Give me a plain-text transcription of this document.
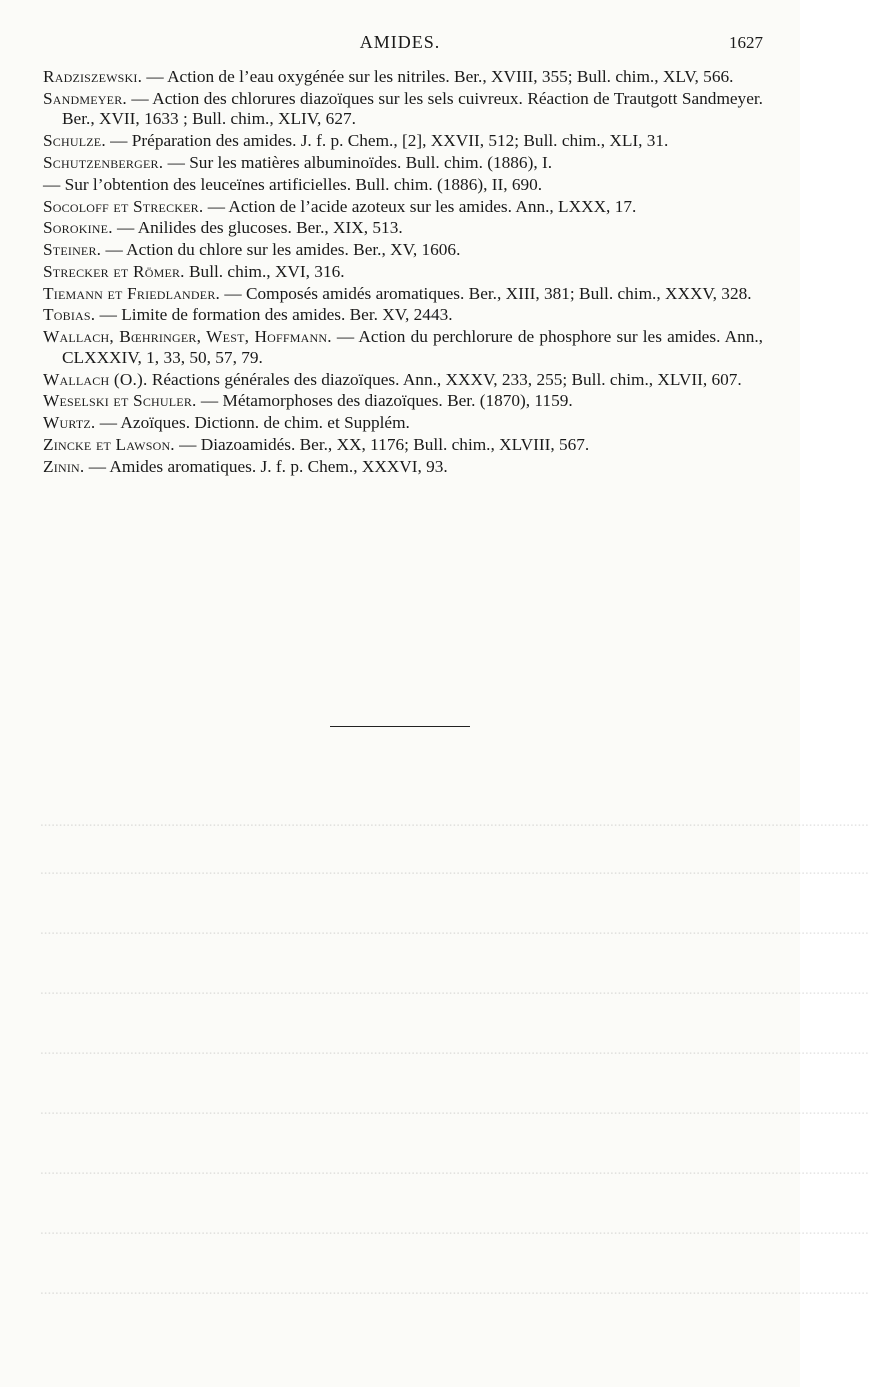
.............................................................................................................................................................................................................................
.............................................................................................................................................................................................................................
.............................................................................................................................................................................................................................
.............................................................................................................................................................................................................................
.............................................................................................................................................................................................................................
.............................................................................................................................................................................................................................
.............................................................................................................................................................................................................................
.............................................................................................................................................................................................................................
.............................................................................................................................................................................................................................
AMIDES.	1627
Radziszewski. — Action de l’eau oxygénée sur les nitriles. Ber., XVIII, 355; Bull. chim., XLV, 566.
Sandmeyer. — Action des chlorures diazoïques sur les sels cuivreux. Réaction de Trautgott Sandmeyer. Ber., XVII, 1633 ; Bull. chim., XLIV, 627.
Schulze. — Préparation des amides. J. f. p. Chem., [2], XXVII, 512; Bull. chim., XLI, 31.
Schutzenberger. — Sur les matières albuminoïdes. Bull. chim. (1886), I.
— Sur l’obtention des leuceïnes artificielles. Bull. chim. (1886), II, 690.
Socoloff et Strecker. — Action de l’acide azoteux sur les amides. Ann., LXXX, 17.
Sorokine. — Anilides des glucoses. Ber., XIX, 513.
Steiner. — Action du chlore sur les amides. Ber., XV, 1606.
Strecker et Römer. Bull. chim., XVI, 316.
Tiemann et Friedlander. — Composés amidés aromatiques. Ber., XIII, 381; Bull. chim., XXXV, 328.
Tobias. — Limite de formation des amides. Ber. XV, 2443.
Wallach, Bœhringer, West, Hoffmann. — Action du perchlorure de phosphore sur les amides. Ann., CLXXXIV, 1, 33, 50, 57, 79.
Wallach (O.). Réactions générales des diazoïques. Ann., XXXV, 233, 255; Bull. chim., XLVII, 607.
Weselski et Schuler. — Métamorphoses des diazoïques. Ber. (1870), 1159.
Wurtz. — Azoïques. Dictionn. de chim. et Supplém.
Zincke et Lawson. — Diazoamidés. Ber., XX, 1176; Bull. chim., XLVIII, 567.
Zinin. — Amides aromatiques. J. f. p. Chem., XXXVI, 93.
